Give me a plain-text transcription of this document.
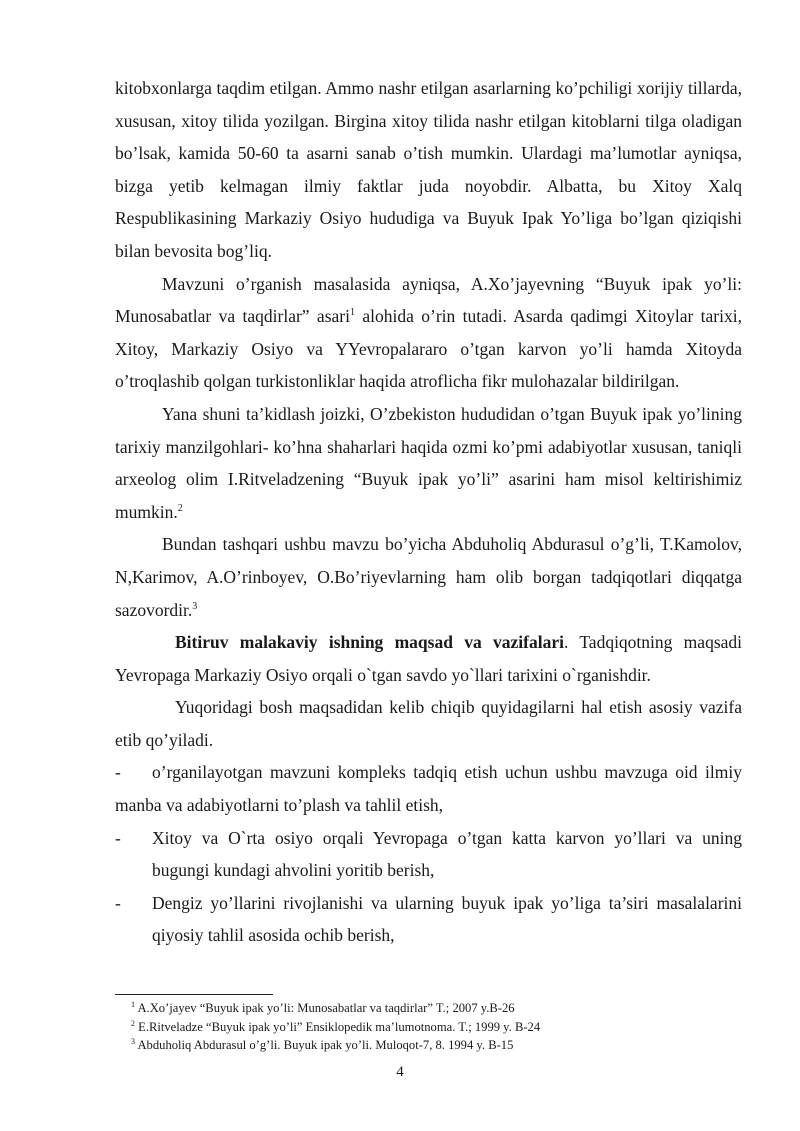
kitobxonlarga taqdim etilgan. Ammo nashr etilgan asarlarning ko’pchiligi xorijiy tillarda, xususan, xitoy tilida yozilgan. Birgina xitoy tilida nashr etilgan kitoblarni tilga oladigan bo’lsak, kamida 50-60 ta asarni sanab o’tish mumkin. Ulardagi ma’lumotlar ayniqsa, bizga yetib kelmagan ilmiy faktlar juda noyobdir. Albatta, bu Xitoy Xalq Respublikasining Markaziy Osiyo hududiga va Buyuk Ipak Yo’liga bo’lgan qiziqishi bilan bevosita bog’liq.

Mavzuni o’rganish masalasida ayniqsa, A.Xo’jayevning “Buyuk ipak yo’li: Munosabatlar va taqdirlar” asari$^1$ alohida o’rin tutadi. Asarda qadimgi Xitoylar tarixi, Xitoy, Markaziy Osiyo va YYevropalararo o’tgan karvon yo’li hamda Xitoyda o’troqlashib qolgan turkistonliklar haqida atroflicha fikr mulohazalar bildirilgan.

Yana shuni ta’kidlash joizki, O’zbekiston hududidan o’tgan Buyuk ipak yo’lining tarixiy manzilgohlari- ko’hna shaharlari haqida ozmi ko’pmi adabiyotlar xususan, taniqli arxeolog olim I.Ritveladzening “Buyuk ipak yo’li” asarini ham misol keltirishimiz mumkin.$^2$

Bundan tashqari ushbu mavzu bo’yicha Abduholiq Abdurasul o’g’li, T.Kamolov, N,Karimov, A.O’rinboyev, O.Bo’riyevlarning ham olib borgan tadqiqotlari diqqatga sazovordir.$^3$

Bitiruv malakaviy ishning maqsad va vazifalari. Tadqiqotning maqsadi Yevropaga Markaziy Osiyo orqali o`tgan savdo yo`llari tarixini o`rganishdir.

Yuqoridagi bosh maqsadidan kelib chiqib quyidagilarni hal etish asosiy vazifa etib qo’yiladi.

- o’rganilayotgan mavzuni kompleks tadqiq etish uchun ushbu mavzuga oid ilmiy manba va adabiyotlarni to’plash va tahlil etish,

-	Xitoy va O`rta osiyo orqali Yevropaga o’tgan katta karvon yo’llari va uning bugungi kundagi ahvolini yoritib berish,
-	Dengiz yo’llarini rivojlanishi va ularning buyuk ipak yo’liga ta’siri masalalarini qiyosiy tahlil asosida ochib berish,
$^1$ A.Xo’jayev “Buyuk ipak yo’li: Munosabatlar va taqdirlar” T.; 2007 y.B-26
$^2$ E.Ritveladze “Buyuk ipak yo’li” Ensiklopedik ma’lumotnoma. T.; 1999 y. B-24
$^3$ Abduholiq Abdurasul o’g’li. Buyuk ipak yo’li. Muloqot-7, 8. 1994 y. B-15
4
